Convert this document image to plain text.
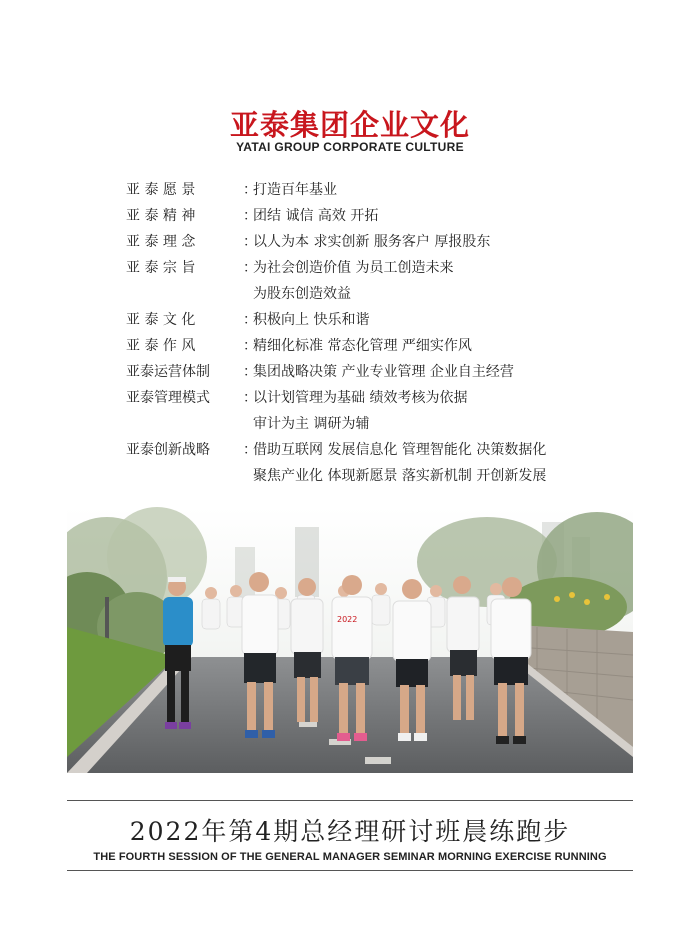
亚泰集团企业文化
YATAI GROUP CORPORATE CULTURE
亚 泰 愿 景	：
打造百年基业
亚 泰 精 神	：
团结 诚信 高效 开拓
亚 泰 理 念	：
以人为本 求实创新 服务客户 厚报股东
亚 泰 宗 旨	：
为社会创造价值 为员工创造未来
为股东创造效益
亚 泰 文 化	：
积极向上 快乐和谐
亚 泰 作 风	：
精细化标准 常态化管理 严细实作风
亚泰运营体制	：
集团战略决策 产业专业管理 企业自主经营
亚泰管理模式	：
以计划管理为基础 绩效考核为依据
审计为主 调研为辅
亚泰创新战略	：
借助互联网 发展信息化 管理智能化 决策数据化
聚焦产业化 体现新愿景 落实新机制 开创新发展
2022
2022年第4期总经理研讨班晨练跑步
THE FOURTH SESSION OF THE GENERAL MANAGER SEMINAR MORNING EXERCISE RUNNING
